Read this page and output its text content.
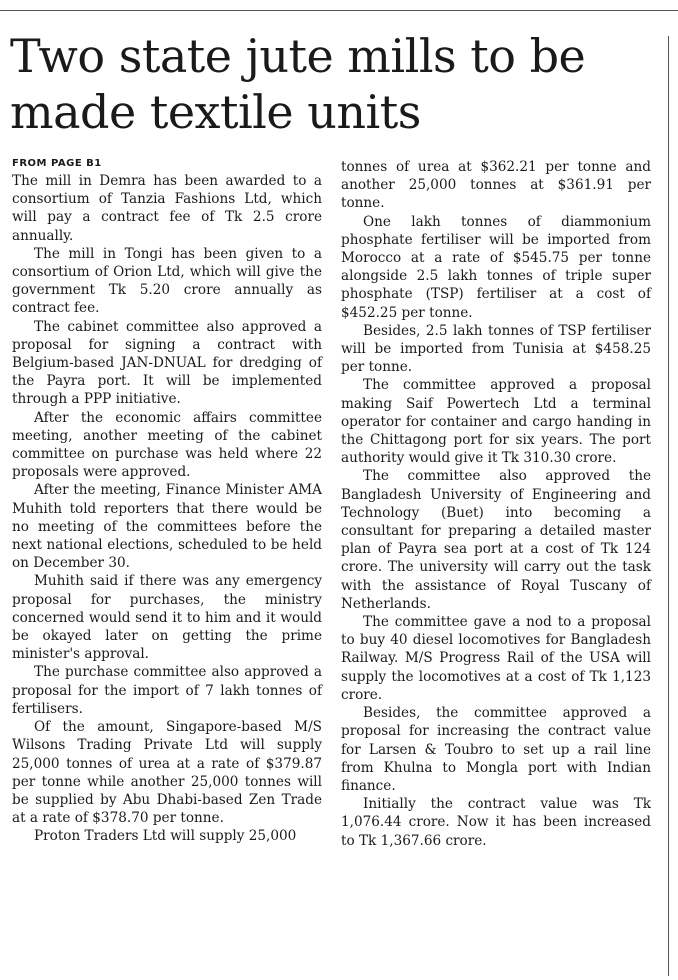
Two state jute mills to be made textile units
FROM PAGE B1

The mill in Demra has been awarded to a consortium of Tanzia Fashions Ltd, which will pay a contract fee of Tk 2.5 crore annually.

The mill in Tongi has been given to a consortium of Orion Ltd, which will give the government Tk 5.20 crore annually as contract fee.

The cabinet committee also approved a proposal for signing a contract with Belgium-based JAN-DNUAL for dredging of the Payra port. It will be implemented through a PPP initiative.

After the economic affairs committee meeting, another meeting of the cabinet committee on purchase was held where 22 proposals were approved.

After the meeting, Finance Minister AMA Muhith told reporters that there would be no meeting of the committees before the next national elections, scheduled to be held on December 30.

Muhith said if there was any emergency proposal for purchases, the ministry concerned would send it to him and it would be okayed later on getting the prime minister's approval.

The purchase committee also approved a proposal for the import of 7 lakh tonnes of fertilisers.

Of the amount, Singapore-based M/S Wilsons Trading Private Ltd will supply 25,000 tonnes of urea at a rate of $379.87 per tonne while another 25,000 tonnes will be supplied by Abu Dhabi-based Zen Trade at a rate of $378.70 per tonne.

Proton Traders Ltd will supply 25,000

tonnes of urea at $362.21 per tonne and another 25,000 tonnes at $361.91 per tonne.

One lakh tonnes of diammonium phosphate fertiliser will be imported from Morocco at a rate of $545.75 per tonne alongside 2.5 lakh tonnes of triple super phosphate (TSP) fertiliser at a cost of $452.25 per tonne.

Besides, 2.5 lakh tonnes of TSP fertiliser will be imported from Tunisia at $458.25 per tonne.

The committee approved a proposal making Saif Powertech Ltd a terminal operator for container and cargo handing in the Chittagong port for six years. The port authority would give it Tk 310.30 crore.

The committee also approved the Bangladesh University of Engineering and Technology (Buet) into becoming a consultant for preparing a detailed master plan of Payra sea port at a cost of Tk 124 crore. The university will carry out the task with the assistance of Royal Tuscany of Netherlands.

The committee gave a nod to a proposal to buy 40 diesel locomotives for Bangladesh Railway. M/S Progress Rail of the USA will supply the locomotives at a cost of Tk 1,123 crore.

Besides, the committee approved a proposal for increasing the contract value for Larsen & Toubro to set up a rail line from Khulna to Mongla port with Indian finance.

Initially the contract value was Tk 1,076.44 crore. Now it has been increased to Tk 1,367.66 crore.
